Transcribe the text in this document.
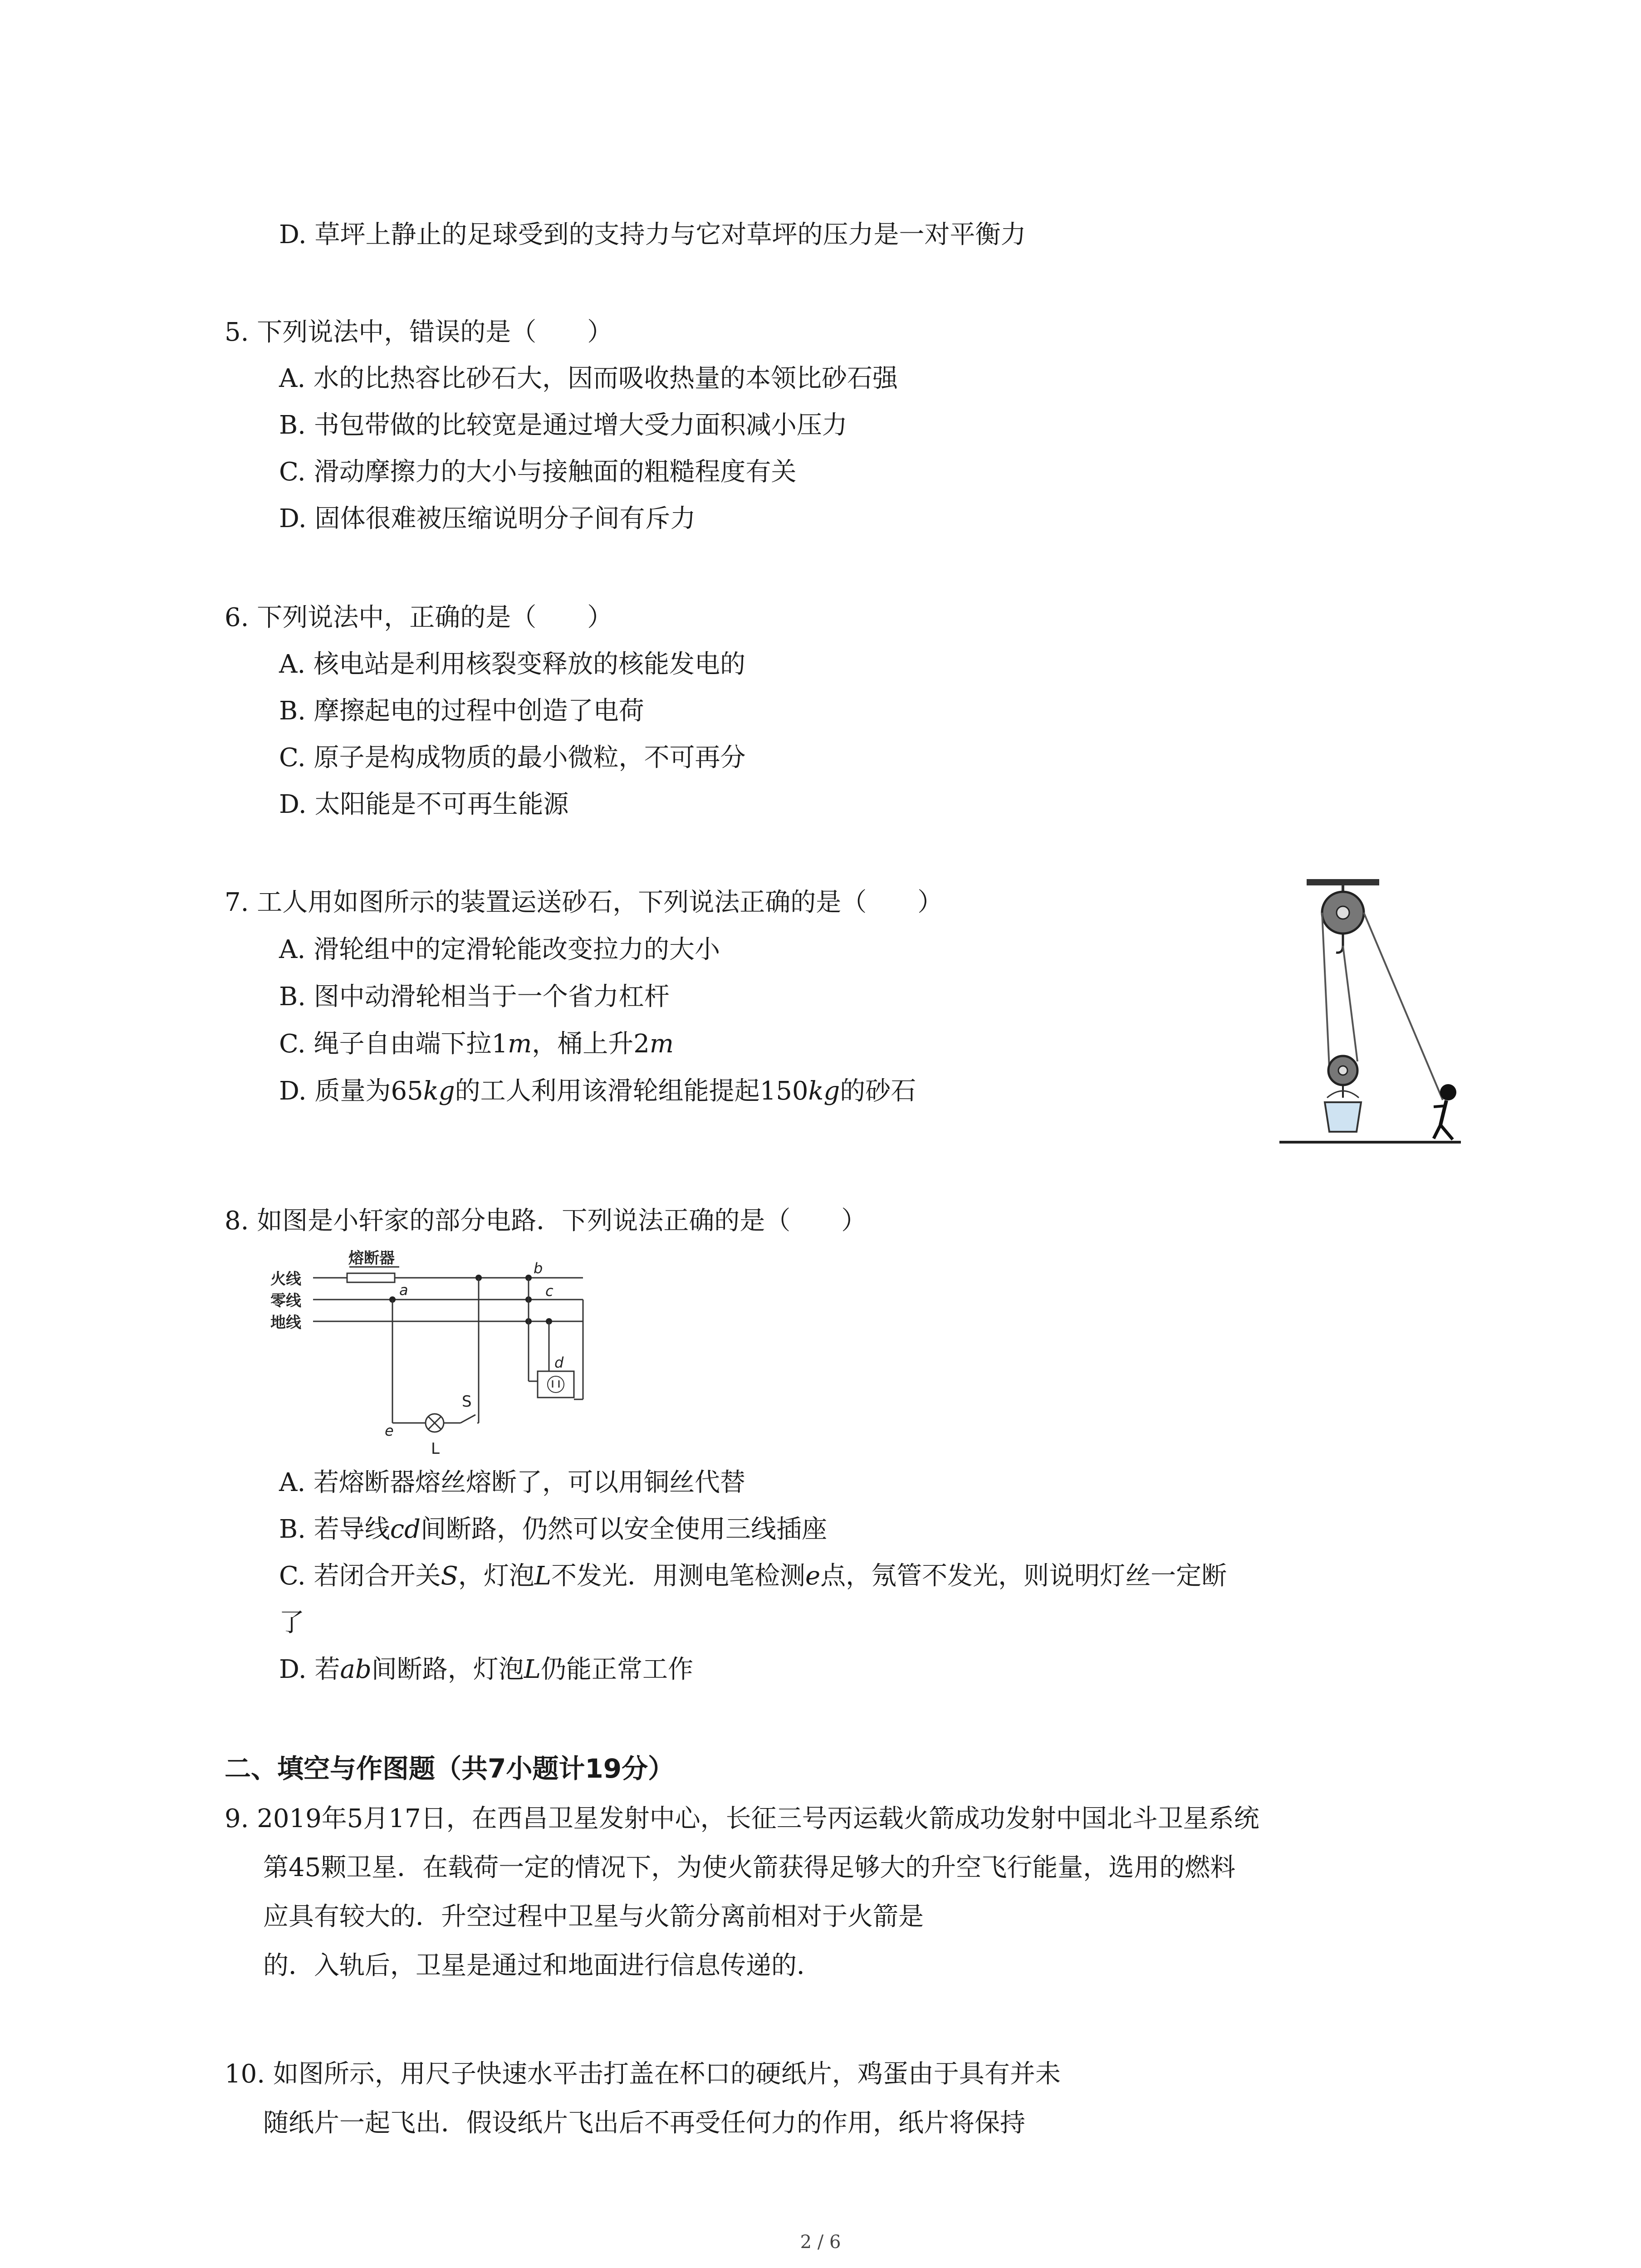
D. 草坪上静止的足球受到的支持力与它对草坪的压力是一对平衡力
5. 下列说法中，错误的是（　　）
A. 水的比热容比砂石大，因而吸收热量的本领比砂石强
B. 书包带做的比较宽是通过增大受力面积减小压力
C. 滑动摩擦力的大小与接触面的粗糙程度有关
D. 固体很难被压缩说明分子间有斥力
6. 下列说法中，正确的是（　　）
A. 核电站是利用核裂变释放的核能发电的
B. 摩擦起电的过程中创造了电荷
C. 原子是构成物质的最小微粒，不可再分
D. 太阳能是不可再生能源
7. 工人用如图所示的装置运送砂石，下列说法正确的是（　　）
A. 滑轮组中的定滑轮能改变拉力的大小
B. 图中动滑轮相当于一个省力杠杆
C. 绳子自由端下拉1m，桶上升2m
D. 质量为65kg的工人利用该滑轮组能提起150kg的砂石
8. 如图是小轩家的部分电路．下列说法正确的是（　　）
火线
零线
地线
熔断器
a
b
c
d
e
L
S
A. 若熔断器熔丝熔断了，可以用铜丝代替
B. 若导线cd间断路，仍然可以安全使用三线插座
C. 若闭合开关S，灯泡L不发光．用测电笔检测e点，氖管不发光，则说明灯丝一定断
了
D. 若ab间断路，灯泡L仍能正常工作
二、填空与作图题（共7小题计19分）
9. 2019年5月17日，在西昌卫星发射中心，长征三号丙运载火箭成功发射中国北斗卫星系统
第45颗卫星．在载荷一定的情况下，为使火箭获得足够大的升空飞行能量，选用的燃料
应具有较大的．升空过程中卫星与火箭分离前相对于火箭是
的．入轨后，卫星是通过和地面进行信息传递的．
10. 如图所示，用尺子快速水平击打盖在杯口的硬纸片，鸡蛋由于具有并未
随纸片一起飞出．假设纸片飞出后不再受任何力的作用，纸片将保持
2 / 6
